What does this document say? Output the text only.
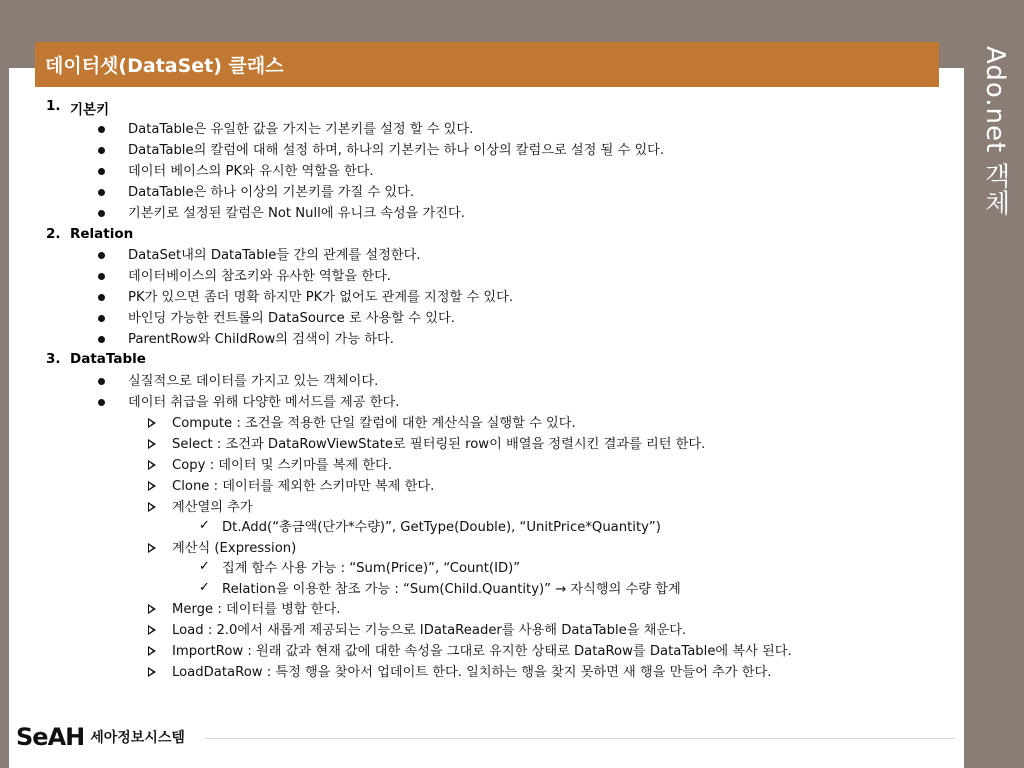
데이터셋(DataSet) 클래스	Ado.net 객체
1. 기본키
DataTable은 유일한 값을 가지는 기본키를 설정 할 수 있다.
DataTable의 칼럼에 대해 설정 하며, 하나의 기본키는 하나 이상의 칼럼으로 설정 될 수 있다.
데이터 베이스의 PK와 유시한 역할을 한다.
DataTable은 하나 이상의 기본키를 가질 수 있다.
기본키로 설정된 칼럼은 Not Null에 유니크 속성을 가진다.
2. Relation
DataSet내의 DataTable들 간의 관계를 설정한다.
데이터베이스의 참조키와 유사한 역할을 한다.
PK가 있으면 좀더 명확 하지만 PK가 없어도 관계를 지정할 수 있다.
바인딩 가능한 컨트롤의 DataSource 로 사용할 수 있다.
ParentRow와 ChildRow의 검색이 가능 하다.
3. DataTable
실질적으로 데이터를 가지고 있는 객체이다.
데이터 취급을 위해 다양한 메서드를 제공 한다.
Compute : 조건을 적용한 단일 칼럼에 대한 계산식을 실행할 수 있다.
Select : 조건과 DataRowViewState로 필터링된 row이 배열을 정렬시킨 결과를 리턴 한다.
Copy : 데이터 및 스키마를 복제 한다.
Clone : 데이터를 제외한 스키마만 복제 한다.
계산열의 추가
✓ Dt.Add(“총금액(단가*수량)”, GetType(Double), “UnitPrice*Quantity”)
계산식 (Expression)
✓ 집계 함수 사용 가능 : “Sum(Price)”, “Count(ID)”
✓ Relation을 이용한 참조 가능 : “Sum(Child.Quantity)” → 자식행의 수량 합계
Merge : 데이터를 병합 한다.
Load : 2.0에서 새롭게 제공되는 기능으로 IDataReader를 사용해 DataTable을 채운다.
ImportRow : 원래 값과 현재 값에 대한 속성을 그대로 유지한 상태로 DataRow를 DataTable에 복사 된다.
LoadDataRow : 특정 행을 찾아서 업데이트 한다. 일치하는 행을 찾지 못하면 새 행을 만들어 추가 한다.
SeAH 세아정보시스템
